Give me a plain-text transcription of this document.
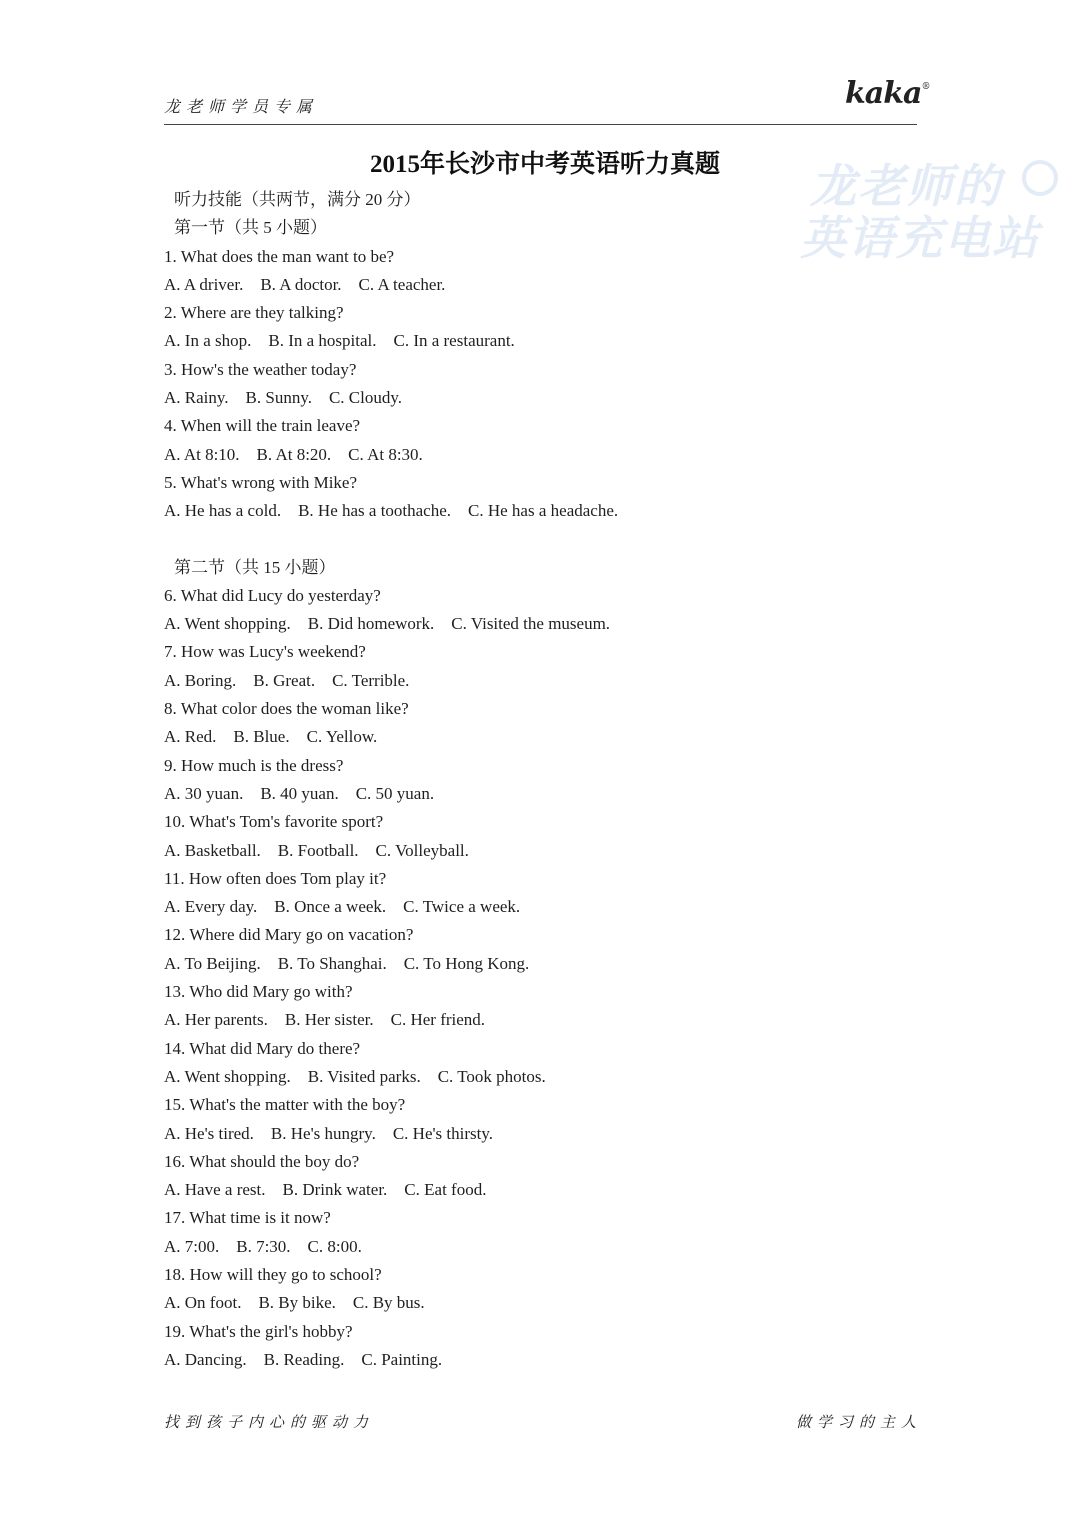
龙老师学员专属	kaka®
龙老师的
英语充电站
2015年长沙市中考英语听力真题
听力技能（共两节，满分 20 分）
第一节（共 5 小题）
1. What does the man want to be?
A. A driver.    B. A doctor.    C. A teacher.
2. Where are they talking?
A. In a shop.    B. In a hospital.    C. In a restaurant.
3. How's the weather today?
A. Rainy.    B. Sunny.    C. Cloudy.
4. When will the train leave?
A. At 8:10.    B. At 8:20.    C. At 8:30.
5. What's wrong with Mike?
A. He has a cold.    B. He has a toothache.    C. He has a headache.
第二节（共 15 小题）
6. What did Lucy do yesterday?
A. Went shopping.    B. Did homework.    C. Visited the museum.
7. How was Lucy's weekend?
A. Boring.    B. Great.    C. Terrible.
8. What color does the woman like?
A. Red.    B. Blue.    C. Yellow.
9. How much is the dress?
A. 30 yuan.    B. 40 yuan.    C. 50 yuan.
10. What's Tom's favorite sport?
A. Basketball.    B. Football.    C. Volleyball.
11. How often does Tom play it?
A. Every day.    B. Once a week.    C. Twice a week.
12. Where did Mary go on vacation?
A. To Beijing.    B. To Shanghai.    C. To Hong Kong.
13. Who did Mary go with?
A. Her parents.    B. Her sister.    C. Her friend.
14. What did Mary do there?
A. Went shopping.    B. Visited parks.    C. Took photos.
15. What's the matter with the boy?
A. He's tired.    B. He's hungry.    C. He's thirsty.
16. What should the boy do?
A. Have a rest.    B. Drink water.    C. Eat food.
17. What time is it now?
A. 7:00.    B. 7:30.    C. 8:00.
18. How will they go to school?
A. On foot.    B. By bike.    C. By bus.
19. What's the girl's hobby?
A. Dancing.    B. Reading.    C. Painting.
找到孩子内心的驱动力	做学习的主人
